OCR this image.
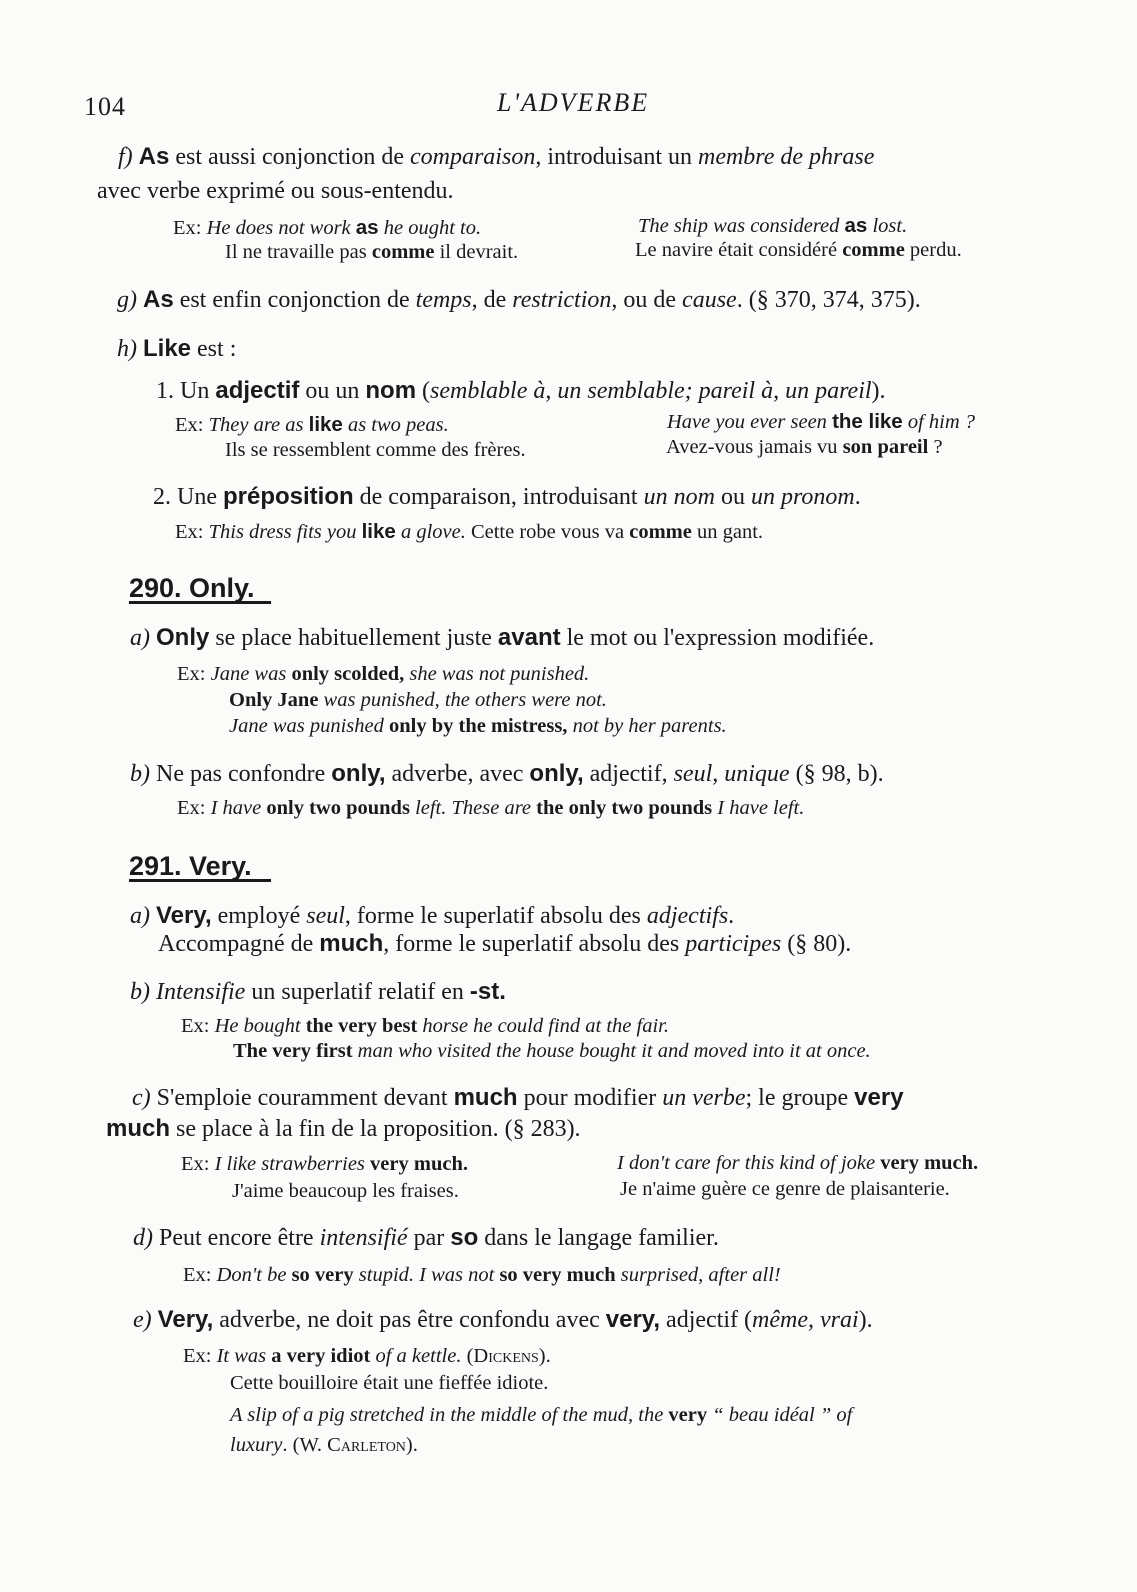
104	L'ADVERBE
f) As est aussi conjonction de comparaison, introduisant un membre de phrase
avec verbe exprimé ou sous-entendu.
Ex: He does not work as he ought to.	The ship was considered as lost.
Il ne travaille pas comme il devrait.	Le navire était considéré comme perdu.
g) As est enfin conjonction de temps, de restriction, ou de cause. (§ 370, 374, 375).
h) Like est :
1. Un adjectif ou un nom (semblable à, un semblable; pareil à, un pareil).
Ex: They are as like as two peas.	Have you ever seen the like of him ?
Ils se ressemblent comme des frères.	Avez-vous jamais vu son pareil ?
2. Une préposition de comparaison, introduisant un nom ou un pronom.
Ex: This dress fits you like a glove. Cette robe vous va comme un gant.
290. Only.
a) Only se place habituellement juste avant le mot ou l'expression modifiée.
Ex: Jane was only scolded, she was not punished.
Only Jane was punished, the others were not.
Jane was punished only by the mistress, not by her parents.
b) Ne pas confondre only, adverbe, avec only, adjectif, seul, unique (§ 98, b).
Ex: I have only two pounds left. These are the only two pounds I have left.
291. Very.
a) Very, employé seul, forme le superlatif absolu des adjectifs.
Accompagné de much, forme le superlatif absolu des participes (§ 80).
b) Intensifie un superlatif relatif en -st.
Ex: He bought the very best horse he could find at the fair.
The very first man who visited the house bought it and moved into it at once.
c) S'emploie couramment devant much pour modifier un verbe; le groupe very
much se place à la fin de la proposition. (§ 283).
Ex: I like strawberries very much.	I don't care for this kind of joke very much.
J'aime beaucoup les fraises.	Je n'aime guère ce genre de plaisanterie.
d) Peut encore être intensifié par so dans le langage familier.
Ex: Don't be so very stupid. I was not so very much surprised, after all!
e) Very, adverbe, ne doit pas être confondu avec very, adjectif (même, vrai).
Ex: It was a very idiot of a kettle. (Dickens).
Cette bouilloire était une fieffée idiote.
A slip of a pig stretched in the middle of the mud, the very “ beau idéal ” of
luxury. (W. Carleton).
